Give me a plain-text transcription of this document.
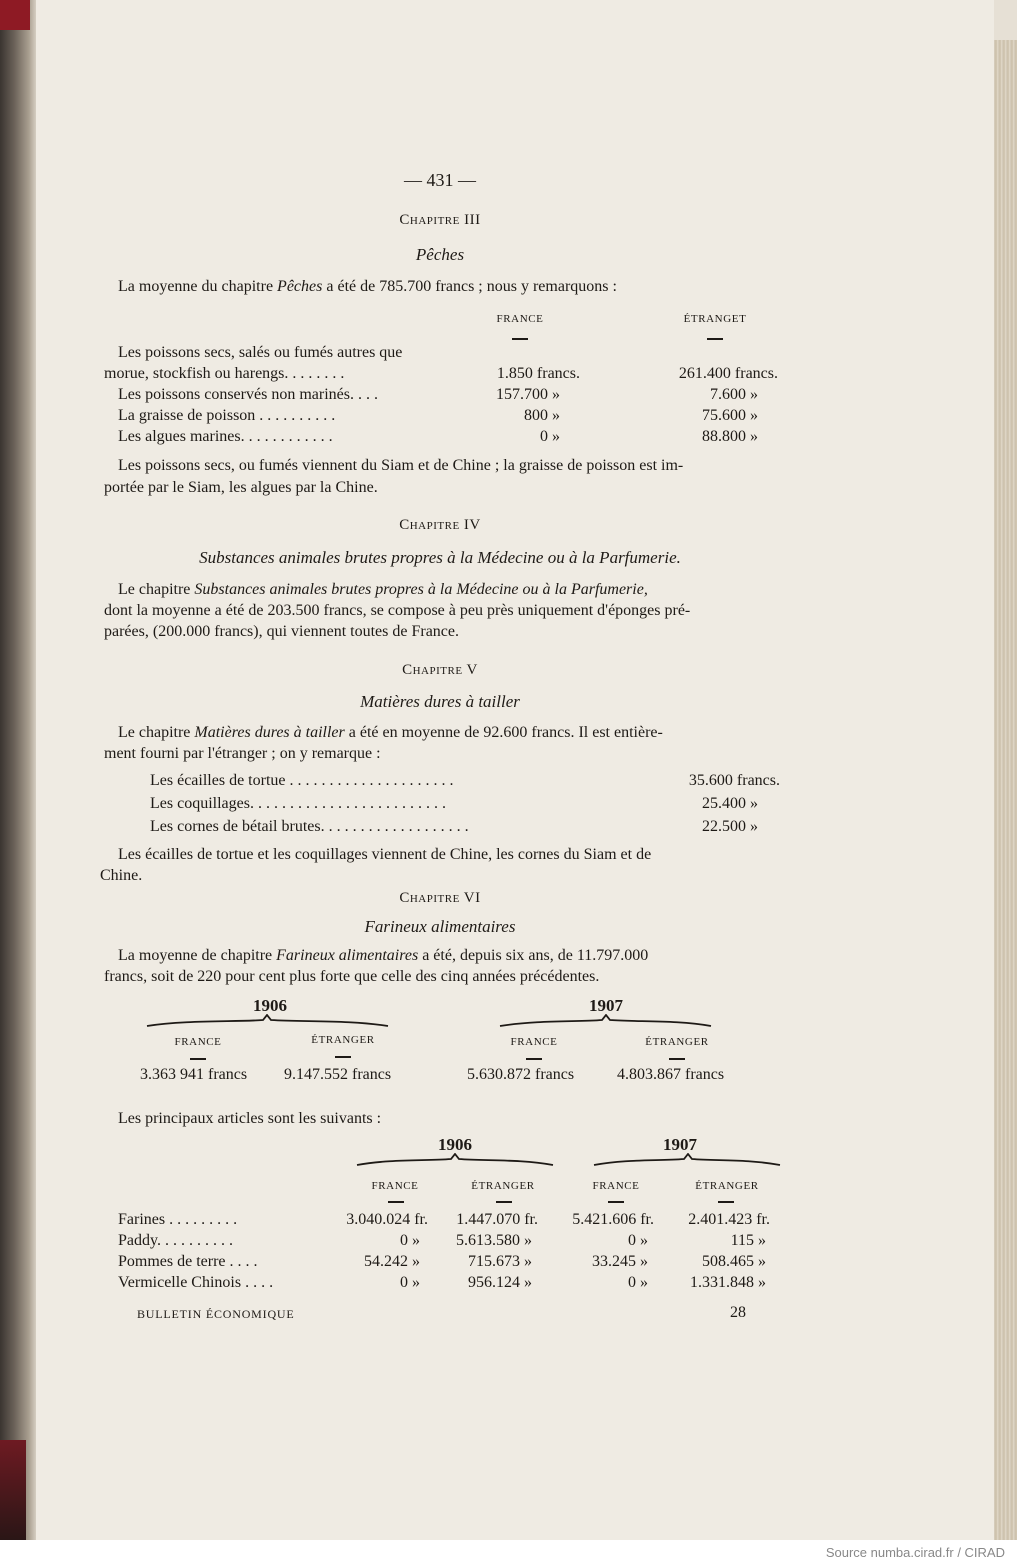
— 431 —
Chapitre III
Pêches
La moyenne du chapitre Pêches a été de 785.700 francs ; nous y remarquons :
FRANCE	ÉTRANGET
Les poissons secs, salés ou fumés autres que
morue, stockfish ou harengs. . . . . . . .	1.850 francs.	261.400 francs.
Les poissons conservés non marinés. . . .	157.700 »	7.600 »
La graisse de poisson . . . . . . . . . .	800 »	75.600 »
Les algues marines. . . . . . . . . . . .	0 »	88.800 »
Les poissons secs, ou fumés viennent du Siam et de Chine ; la graisse de poisson est im-
portée par le Siam, les algues par la Chine.
Chapitre IV
Substances animales brutes propres à la Médecine ou à la Parfumerie.
Le chapitre Substances animales brutes propres à la Médecine ou à la Parfumerie,
dont la moyenne a été de 203.500 francs, se compose à peu près uniquement d'éponges pré-
parées, (200.000 francs), qui viennent toutes de France.
Chapitre V
Matières dures à tailler
Le chapitre Matières dures à tailler a été en moyenne de 92.600 francs. Il est entière-
ment fourni par l'étranger ; on y remarque :
Les écailles de tortue . . . . . . . . . . . . . . . . . . . . .	35.600 francs.
Les coquillages. . . . . . . . . . . . . . . . . . . . . . . . .	25.400 »
Les cornes de bétail brutes. . . . . . . . . . . . . . . . . . .	22.500 »
Les écailles de tortue et les coquillages viennent de Chine, les cornes du Siam et de
Chine.
Chapitre VI
Farineux alimentaires
La moyenne de chapitre Farineux alimentaires a été, depuis six ans, de 11.797.000
francs, soit de 220 pour cent plus forte que celle des cinq années précédentes.
1906	1907
FRANCE	ÉTRANGER	FRANCE	ÉTRANGER
3.363 941 francs 9.147.552 francs	5.630.872 francs	4.803.867 francs
Les principaux articles sont les suivants :
1906	1907
FRANCE	ÉTRANGER	FRANCE	ÉTRANGER
Farines . . . . . . . . .	3.040.024 fr.	1.447.070 fr.	5.421.606 fr.	2.401.423 fr.
Paddy. . . . . . . . . .	0 »	5.613.580 »	0 »	115 »
Pommes de terre . . . .	54.242 »	715.673 »	33.245 »	508.465 »
Vermicelle Chinois . . . .	0 »	956.124 »	0 »	1.331.848 »
BULLETIN ÉCONOMIQUE	28
Source numba.cirad.fr / CIRAD
